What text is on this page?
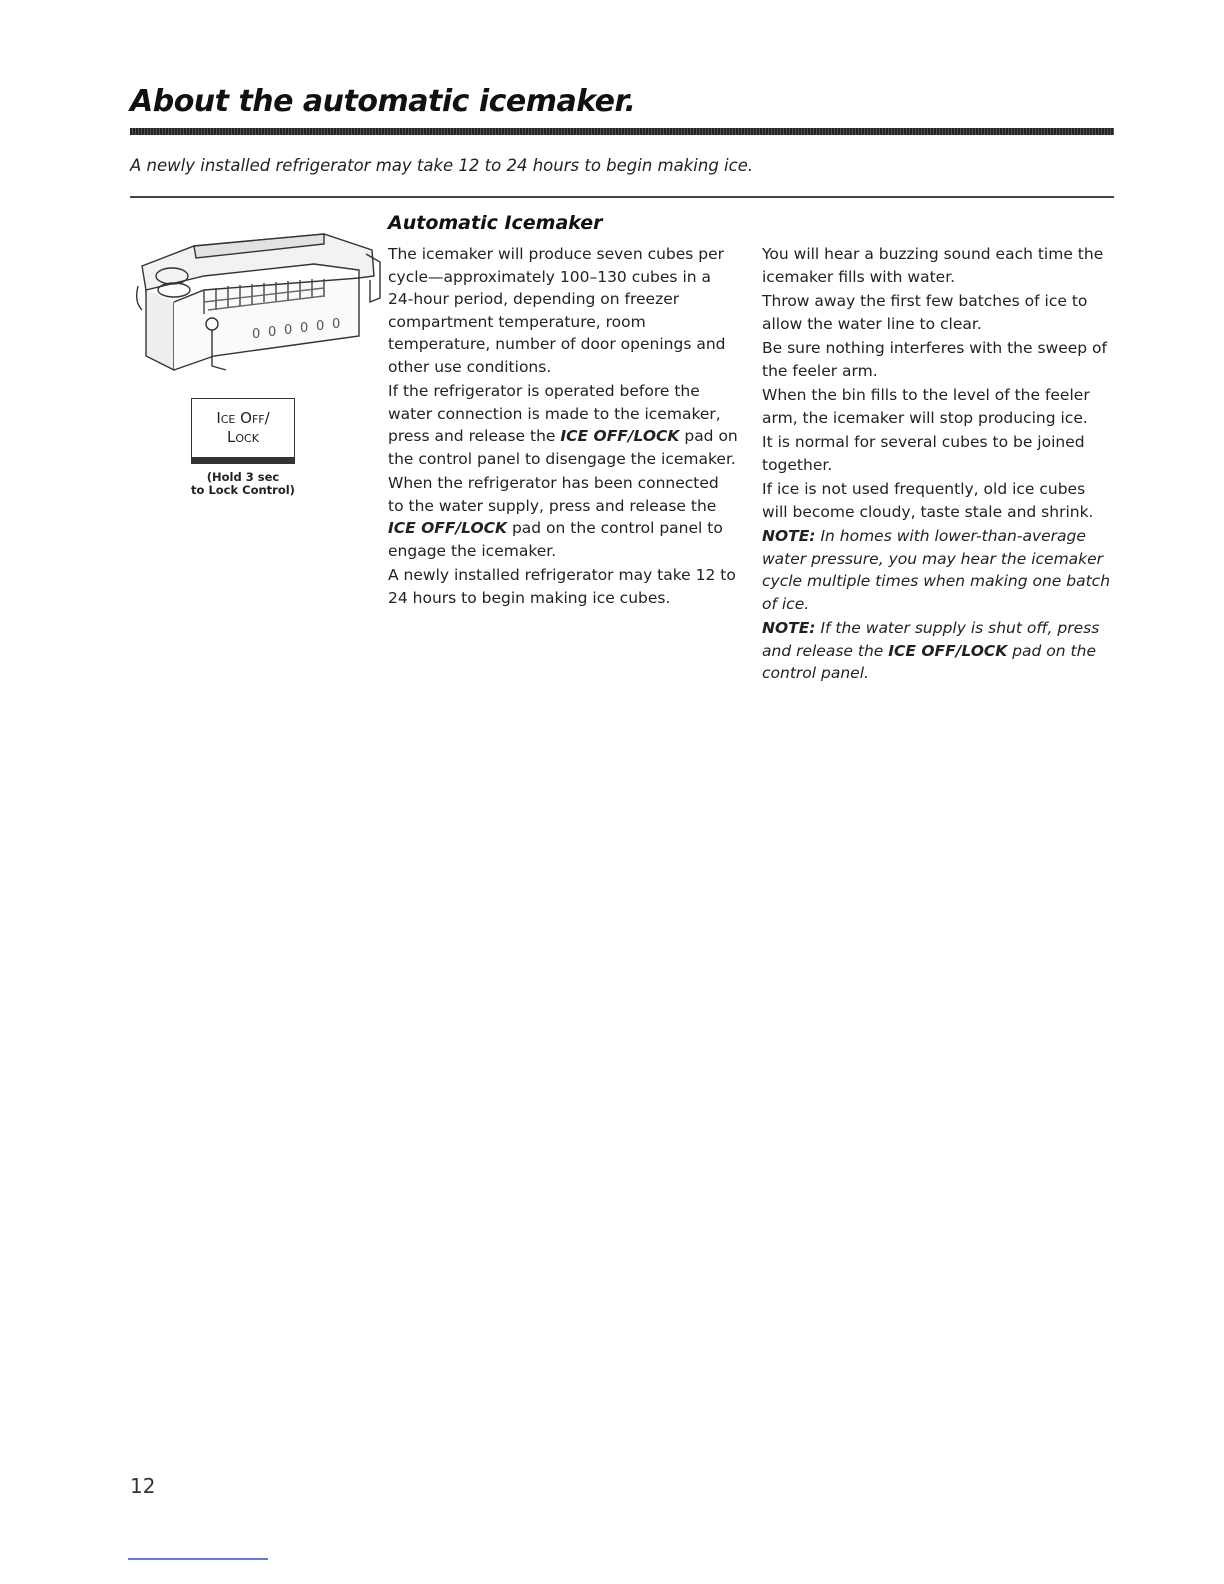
About the automatic icemaker.

A newly installed refrigerator may take 12 to 24 hours to begin making ice.

0 0 0 0 0 0
Ice Off/
Lock
(Hold 3 sec
to Lock Control)
Automatic Icemaker

The icemaker will produce seven cubes per cycle—approximately 100–130 cubes in a 24-hour period, depending on freezer compartment temperature, room temperature, number of door openings and other use conditions.

If the refrigerator is operated before the water connection is made to the icemaker, press and release the ICE OFF/LOCK pad on the control panel to disengage the icemaker.

When the refrigerator has been connected to the water supply, press and release the ICE OFF/LOCK pad on the control panel to engage the icemaker.

A newly installed refrigerator may take 12 to 24 hours to begin making ice cubes.

You will hear a buzzing sound each time the icemaker fills with water.

Throw away the first few batches of ice to allow the water line to clear.

Be sure nothing interferes with the sweep of the feeler arm.

When the bin fills to the level of the feeler arm, the icemaker will stop producing ice.

It is normal for several cubes to be joined together.

If ice is not used frequently, old ice cubes will become cloudy, taste stale and shrink.

NOTE: In homes with lower-than-average water pressure, you may hear the icemaker cycle multiple times when making one batch of ice.

NOTE: If the water supply is shut off, press and release the ICE OFF/LOCK pad on the control panel.

12
